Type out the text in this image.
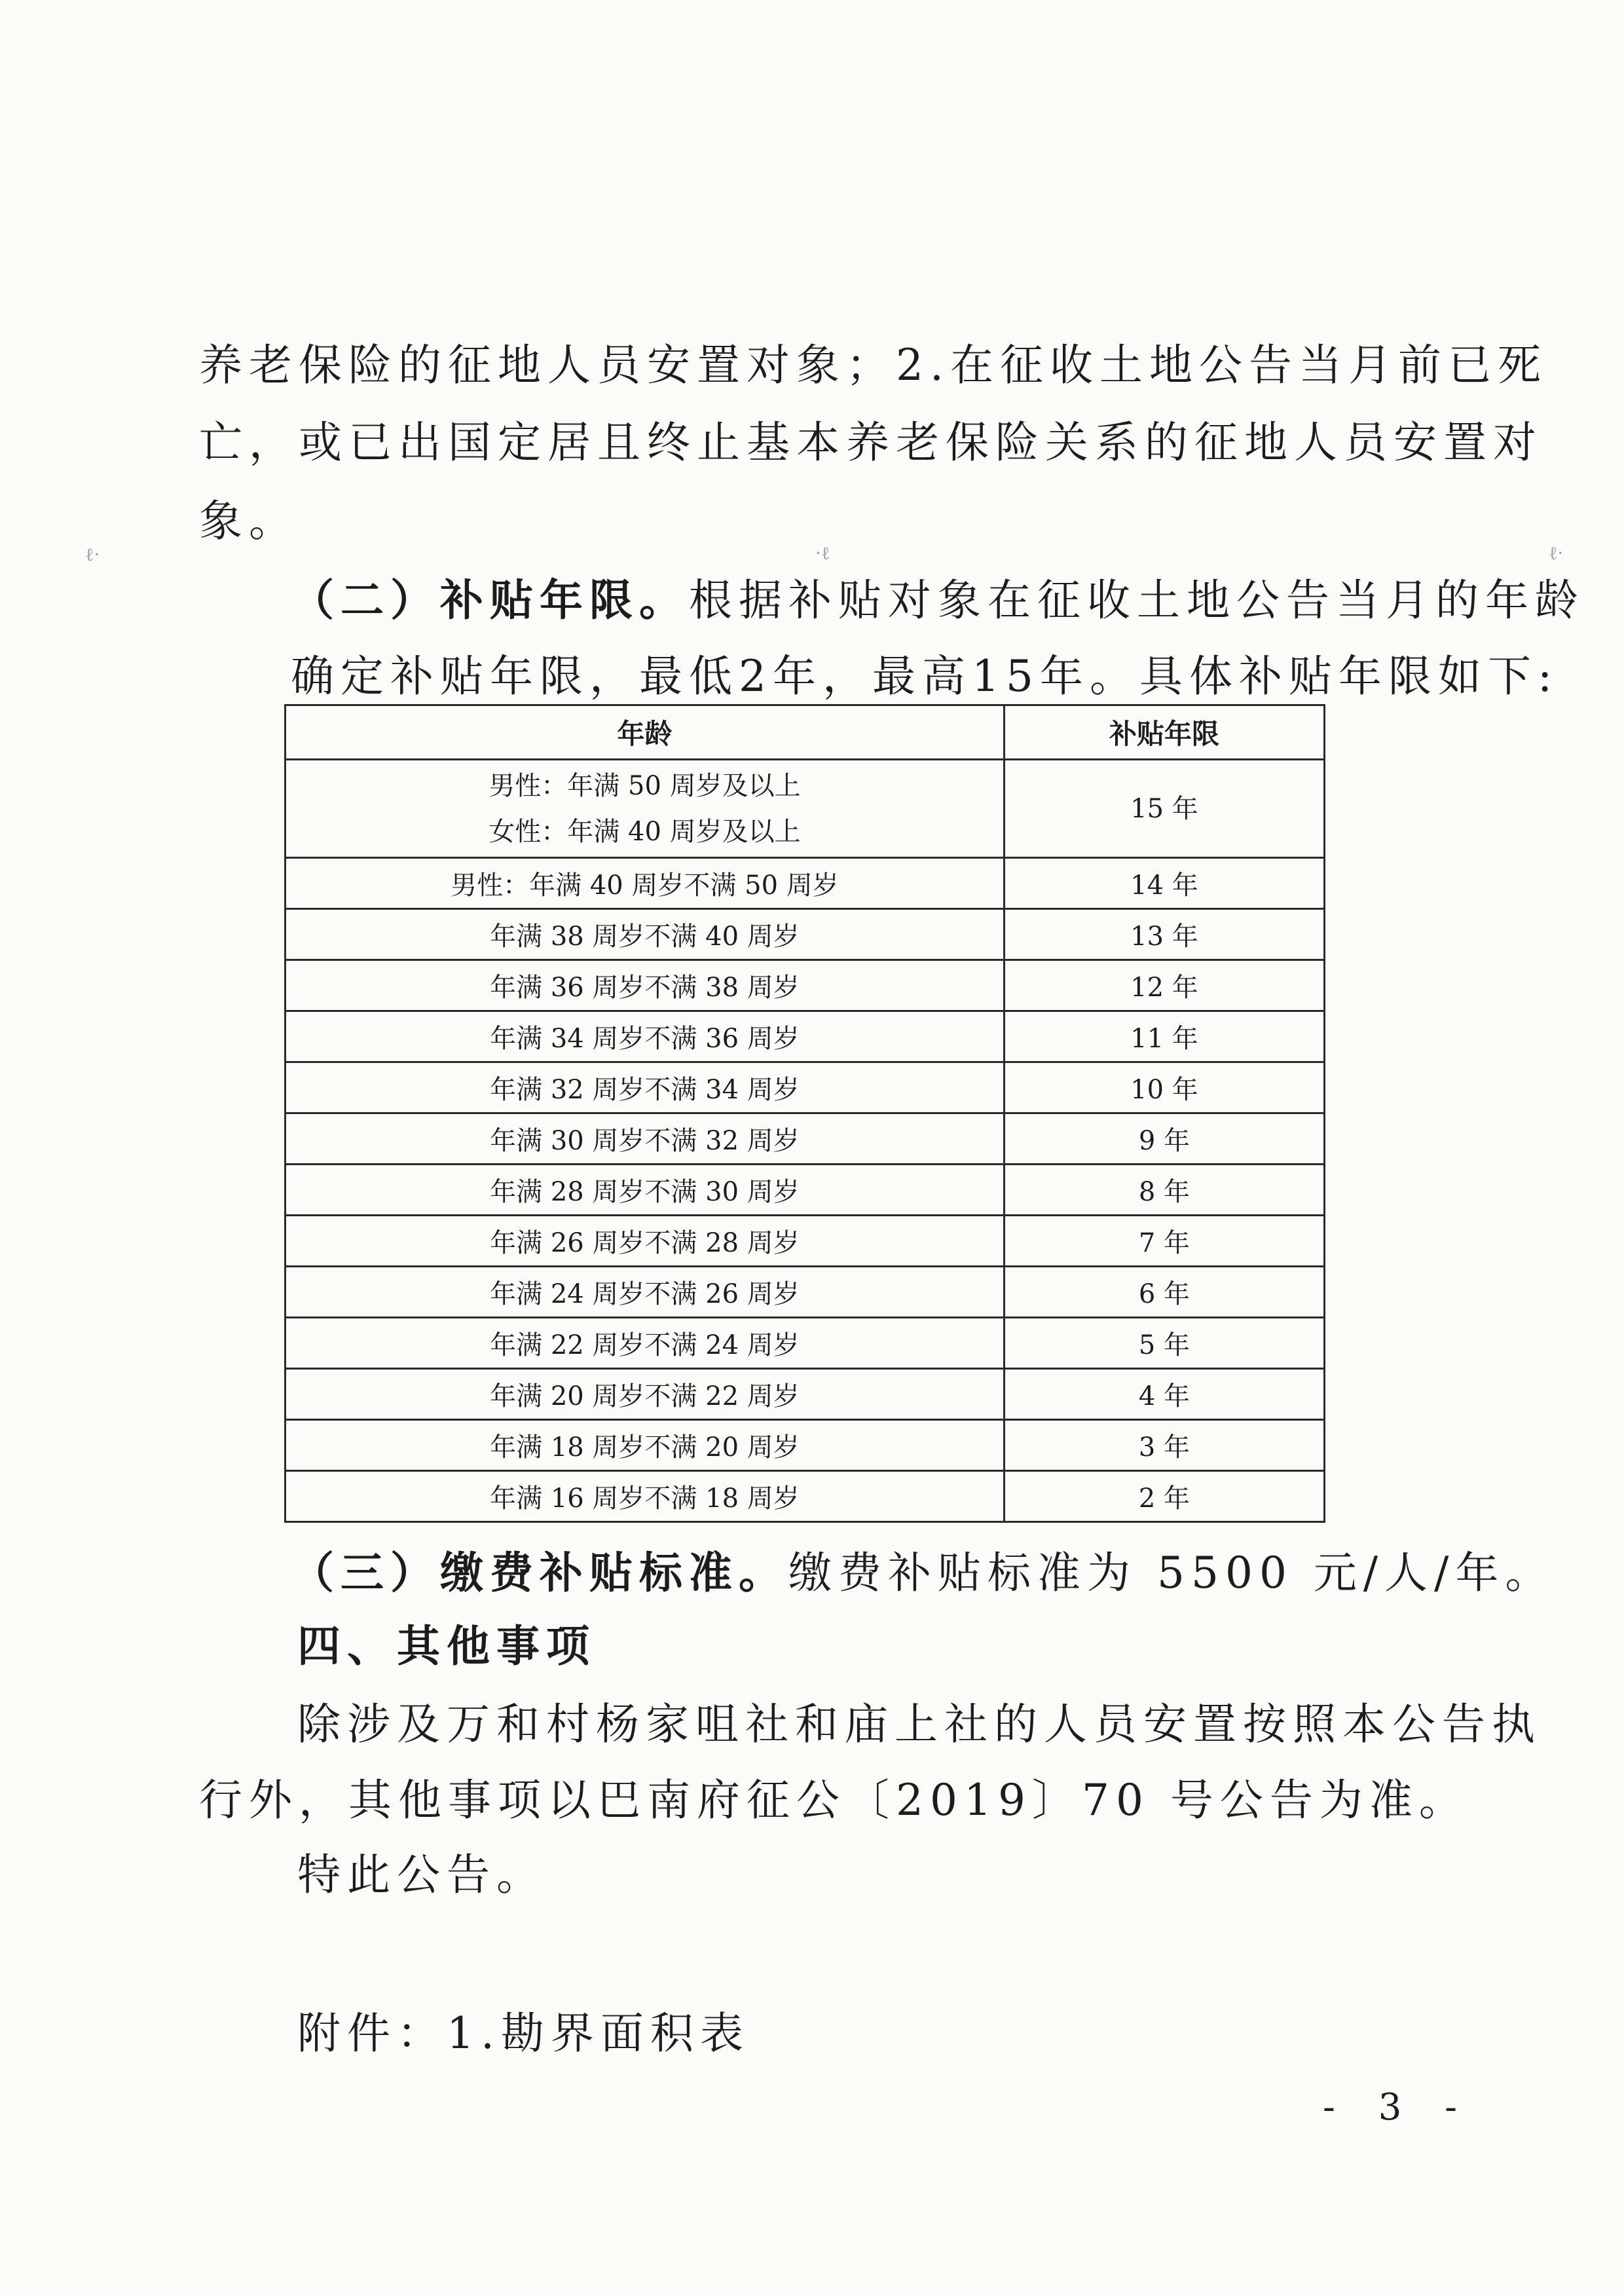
养老保险的征地人员安置对象；2.在征收土地公告当月前已死
亡，或已出国定居且终止基本养老保险关系的征地人员安置对
象。
（二）补贴年限。根据补贴对象在征收土地公告当月的年龄
确定补贴年限，最低2年，最高15年。具体补贴年限如下:
年龄	补贴年限

男性：年满 50 周岁及以上
女性：年满 40 周岁及以上	15 年
男性：年满 40 周岁不满 50 周岁	14 年
年满 38 周岁不满 40 周岁	13 年
年满 36 周岁不满 38 周岁	12 年
年满 34 周岁不满 36 周岁	11 年
年满 32 周岁不满 34 周岁	10 年
年满 30 周岁不满 32 周岁	9 年
年满 28 周岁不满 30 周岁	8 年
年满 26 周岁不满 28 周岁	7 年
年满 24 周岁不满 26 周岁	6 年
年满 22 周岁不满 24 周岁	5 年
年满 20 周岁不满 22 周岁	4 年
年满 18 周岁不满 20 周岁	3 年
年满 16 周岁不满 18 周岁	2 年
（三）缴费补贴标准。缴费补贴标准为 5500 元/人/年。
四、其他事项
除涉及万和村杨家咀社和庙上社的人员安置按照本公告执
行外，其他事项以巴南府征公〔2019〕70 号公告为准。
特此公告。
附件：1.勘界面积表
- 3 -
ℓ·	·ℓ	ℓ·
